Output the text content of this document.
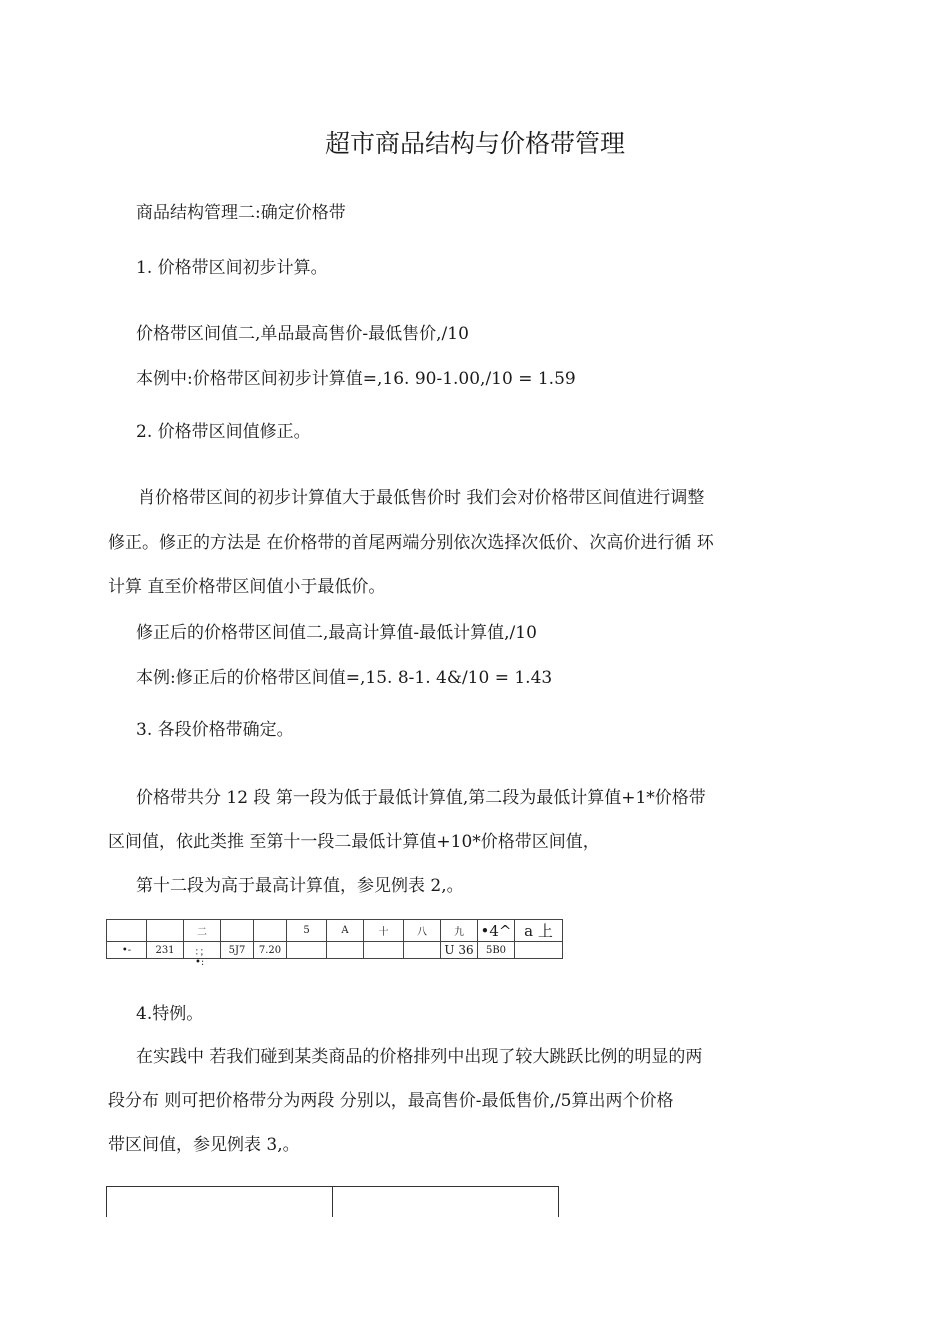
超市商品结构与价格带管理
商品结构管理二:确定价格带
1. 价格带区间初步计算。
价格带区间值二,单品最高售价-最低售价,/10
本例中:价格带区间初步计算值=,16. 90-1.00,/10 = 1.59
2. 价格带区间值修正。
肖价格带区间的初步计算值大于最低售价时 我们会对价格带区间值进行调整
修正。修正的方法是 在价格带的首尾两端分别依次选择次低价、次高价进行循 环
计算 直至价格带区间值小于最低价。
修正后的价格带区间值二,最高计算值-最低计算值,/10
本例:修正后的价格带区间值=,15. 8-1. 4&/10 = 1.43
3. 各段价格带确定。
价格带共分 12 段 第一段为低于最低计算值,第二段为最低计算值+1*价格带
区间值，依此类推 至第十一段二最低计算值+10*价格带区间值，
第十二段为高于最高计算值，参见例表 2,。
		二			5	A	十	八	九	•4^	a 上
•-	231	：；	5J7	7.20					U 36	5B0	
•:
4.特例。
在实践中 若我们碰到某类商品的价格排列中出现了较大跳跃比例的明显的两
段分布 则可把价格带分为两段 分别以，最高售价-最低售价,/5算出两个价格
带区间值，参见例表 3,。
